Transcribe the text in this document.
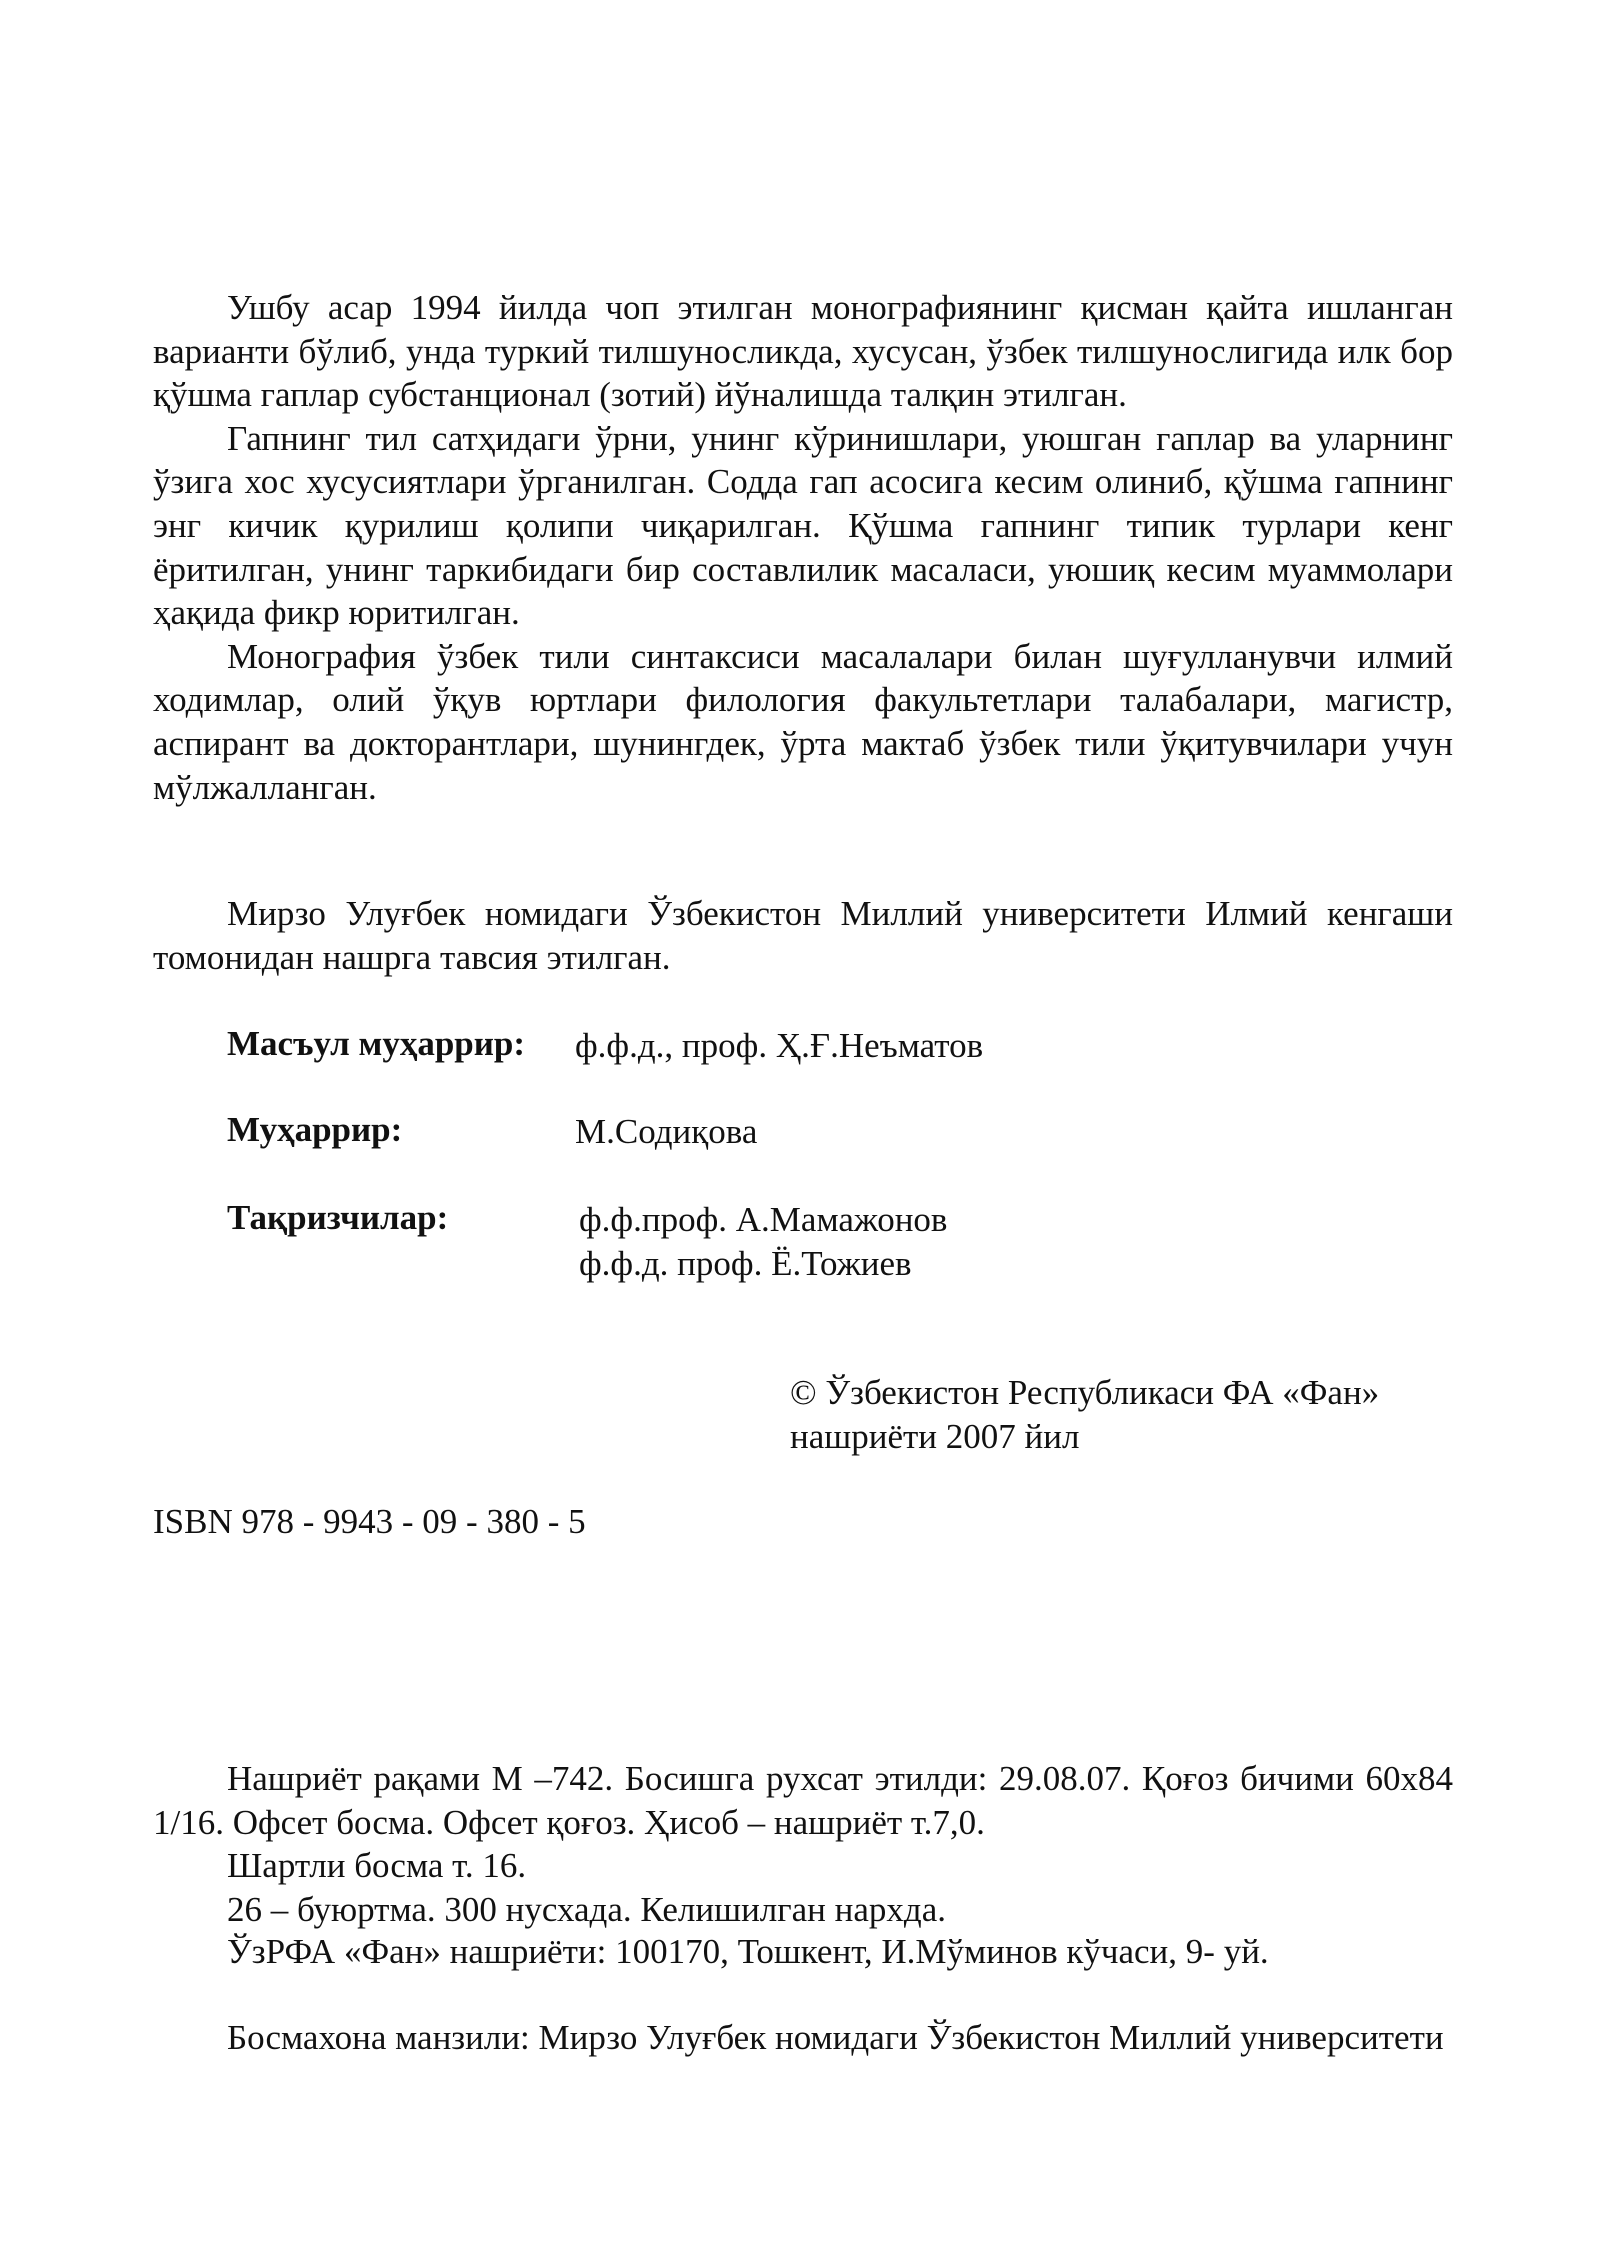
Ушбу асар 1994 йилда чоп этилган монографиянинг қисман қайта ишланган варианти бўлиб, унда туркий тилшуносликда, хусусан, ўзбек тилшунослигида илк бор қўшма гаплар субстанционал (зотий) йўналишда талқин этилган.

Гапнинг тил сатҳидаги ўрни, унинг кўринишлари, уюшган гаплар ва уларнинг ўзига хос хусусиятлари ўрганилган. Содда гап асосига кесим олиниб, қўшма гапнинг энг кичик қурилиш қолипи чиқарилган. Қўшма гапнинг типик турлари кенг ёритилган, унинг таркибидаги бир составлилик масаласи, уюшиқ кесим муаммолари ҳақида фикр юритилган.

Монография ўзбек тили синтаксиси масалалари билан шуғулланувчи илмий ходимлар, олий ўқув юртлари филология факультетлари талабалари, магистр, аспирант ва докторантлари, шунингдек, ўрта мактаб ўзбек тили ўқитувчилари учун мўлжалланган.

Мирзо Улуғбек номидаги Ўзбекистон Миллий университети Илмий кенгаши томонидан нашрга тавсия этилган.

Масъул муҳаррир: ф.ф.д., проф. Ҳ.Ғ.Неъматов
Муҳаррир:	М.Содиқова
Тақризчилар:	ф.ф.проф. А.Мамажонов
ф.ф.д. проф. Ё.Тожиев

© Ўзбекистон Республикаси ФА «Фан»

нашриёти 2007 йил

ISBN 978 - 9943 - 09 - 380 - 5

Нашриёт рақами М –742. Босишга рухсат этилди: 29.08.07. Қоғоз бичими 60х84 1/16. Офсет босма. Офсет қоғоз. Ҳисоб – нашриёт т.7,0.

Шартли босма т. 16.

26 – буюртма. 300 нусхада. Келишилган нархда.

ЎзРФА «Фан» нашриёти: 100170, Тошкент, И.Мўминов кўчаси, 9- уй.

Босмахона манзили: Мирзо Улуғбек номидаги Ўзбекистон Миллий университети
